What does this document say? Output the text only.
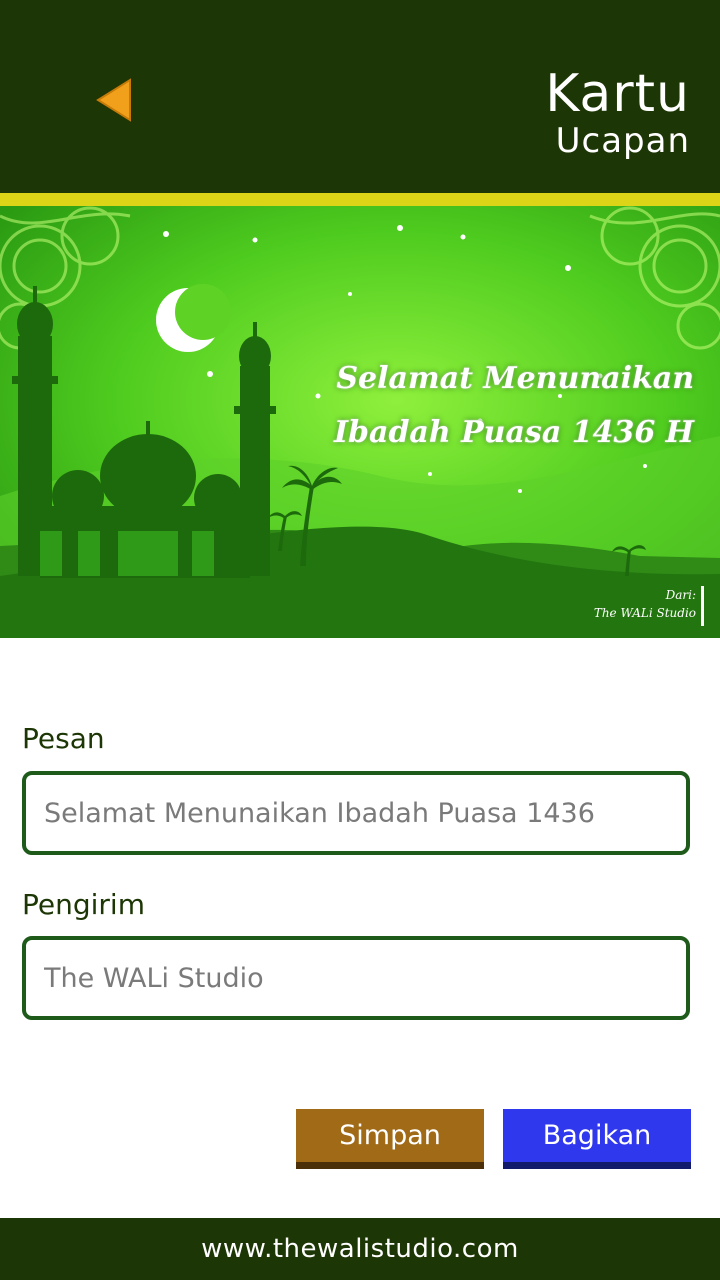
Kartu
Ucapan
Selamat Menunaikan
Ibadah Puasa 1436 H
Dari:
The WALi Studio
Pesan
Selamat Menunaikan Ibadah Puasa 1436
Pengirim
The WALi Studio
Simpan	Bagikan
www.thewalistudio.com
